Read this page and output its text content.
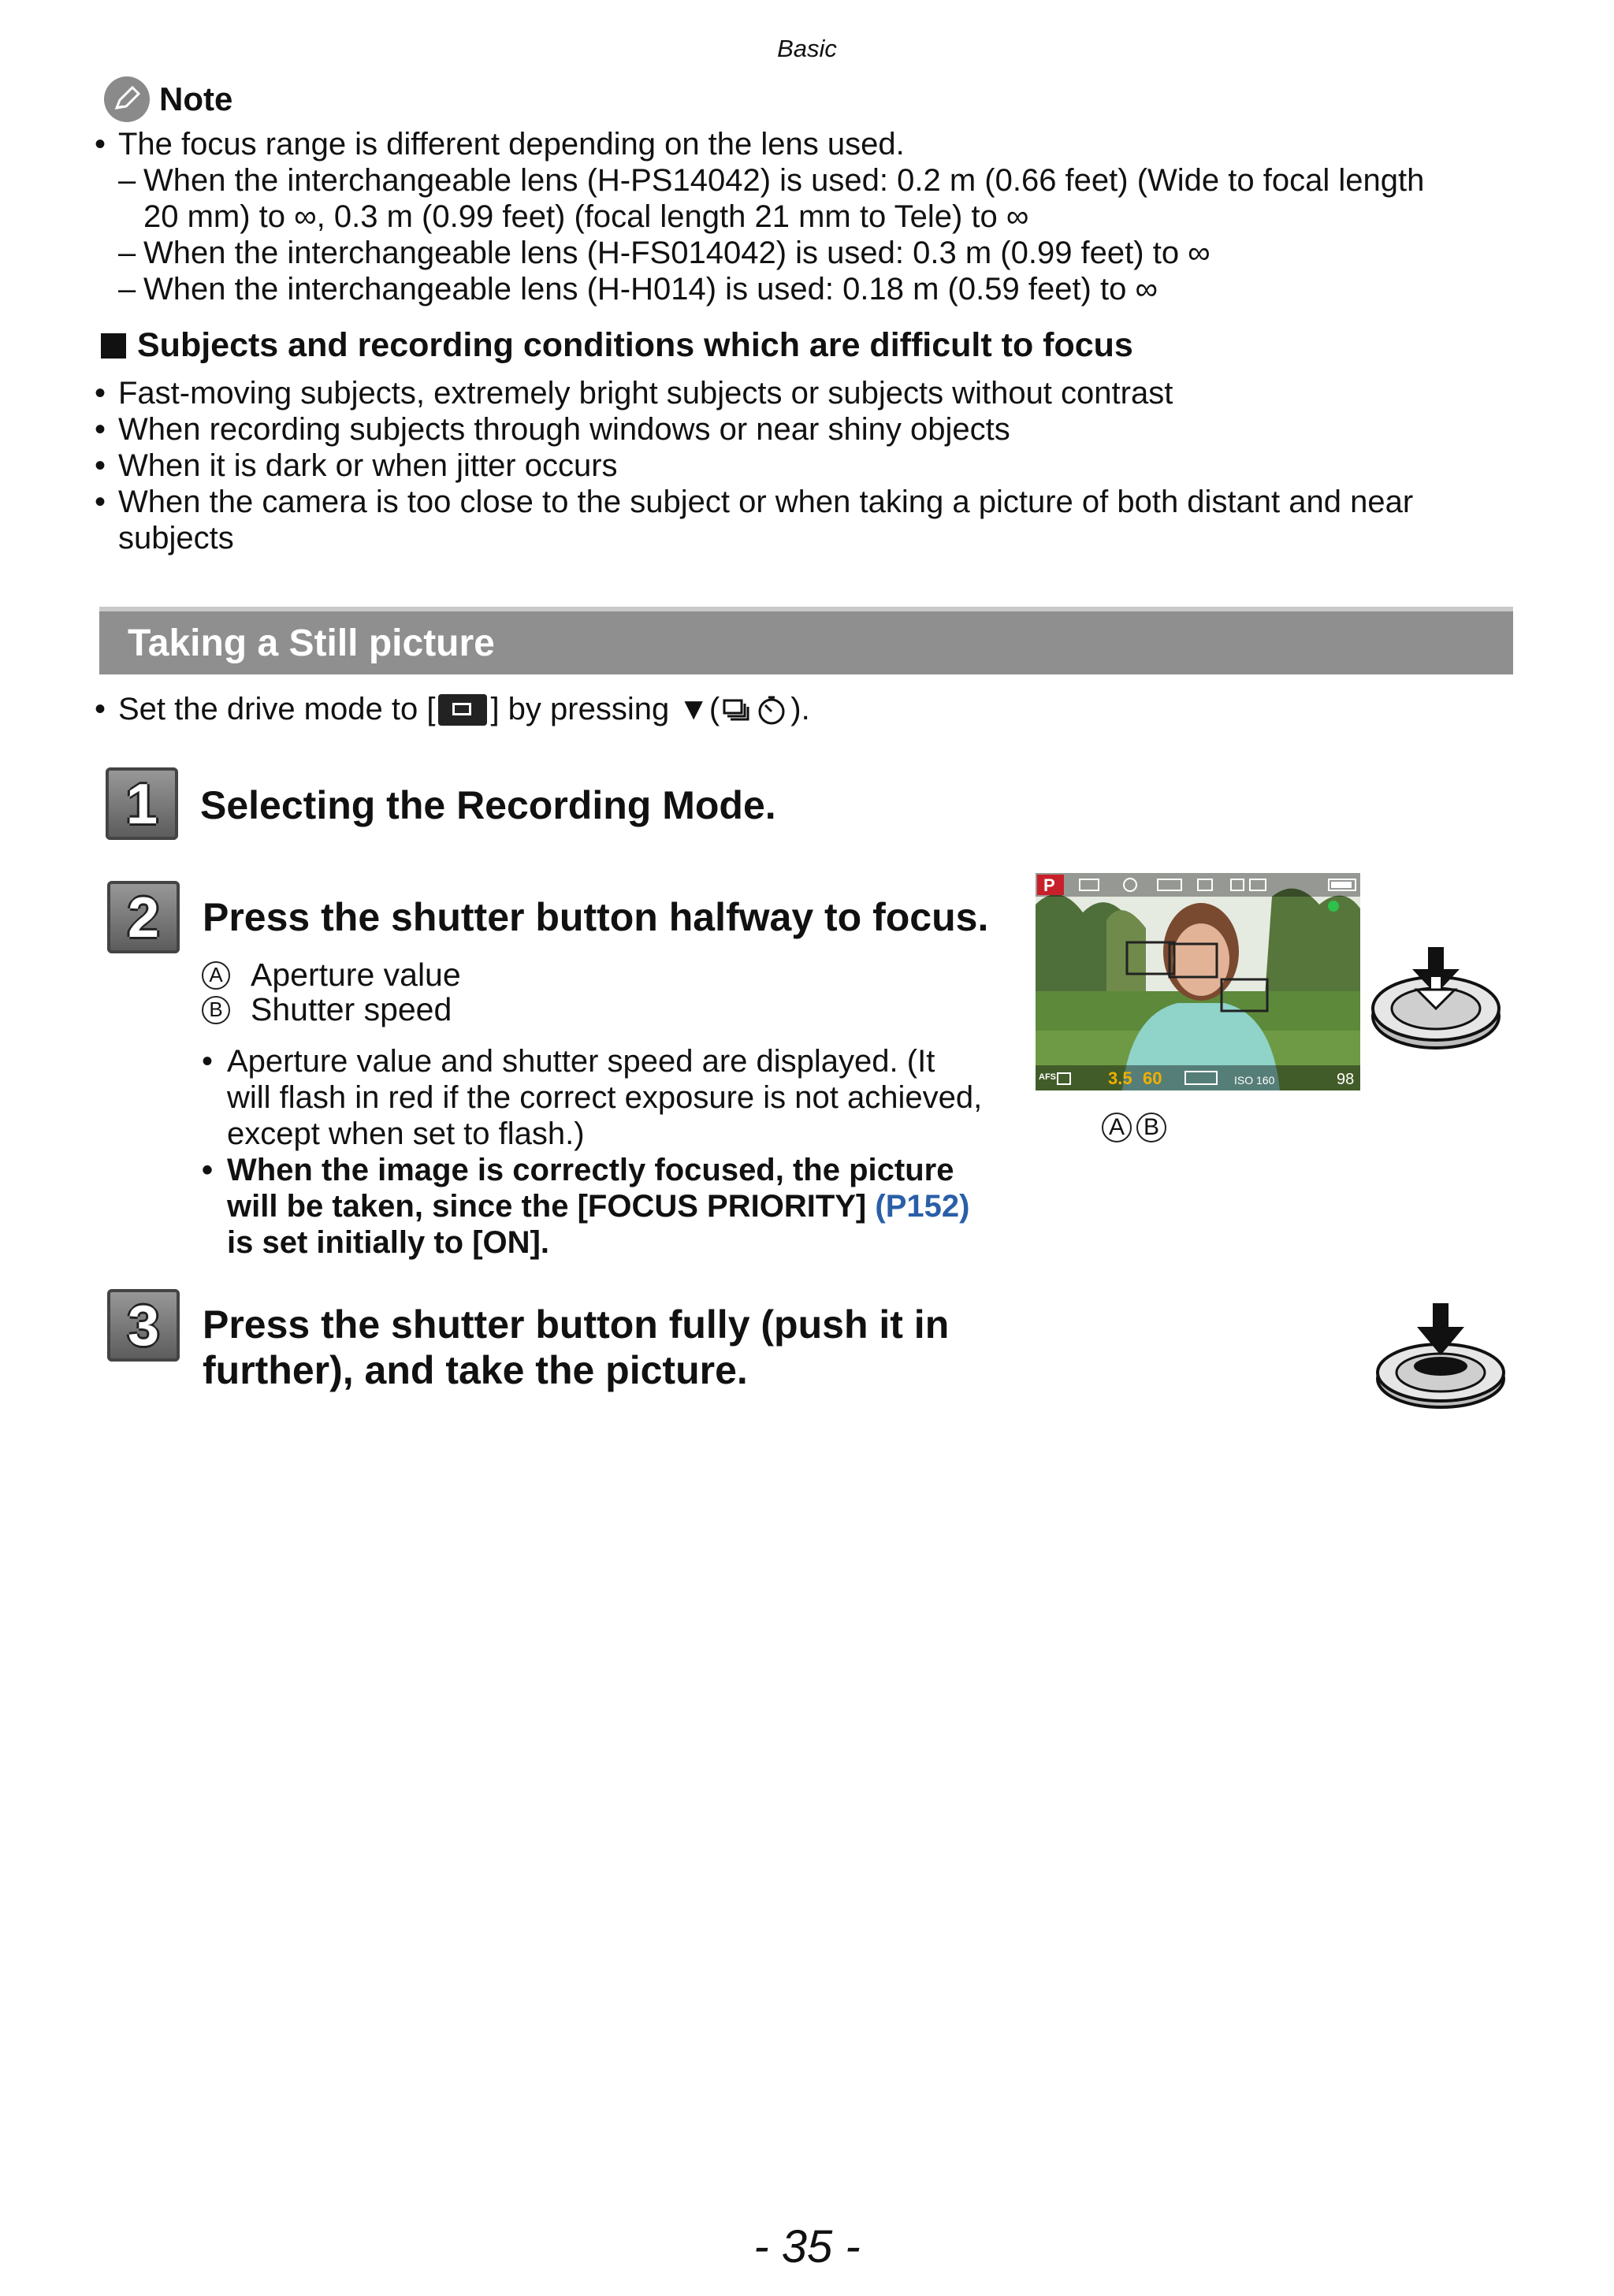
Basic
Note
• The focus range is different depending on the lens used.
– When the interchangeable lens (H-PS14042) is used: 0.2 m (0.66 feet) (Wide to focal length
20 mm) to ∞, 0.3 m (0.99 feet) (focal length 21 mm to Tele) to ∞
– When the interchangeable lens (H-FS014042) is used: 0.3 m (0.99 feet) to ∞
– When the interchangeable lens (H-H014) is used: 0.18 m (0.59 feet) to ∞
Subjects and recording conditions which are difficult to focus
• Fast-moving subjects, extremely bright subjects or subjects without contrast
• When recording subjects through windows or near shiny objects
• When it is dark or when jitter occurs
• When the camera is too close to the subject or when taking a picture of both distant and near
subjects
Taking a Still picture
• Set the drive mode to [ ] by pressing ▼( ).
1	Selecting the Recording Mode.
2	Press the shutter button halfway to focus.
A Aperture value
B Shutter speed
• Aperture value and shutter speed are displayed. (It
will flash in red if the correct exposure is not achieved,
except when set to flash.)
• When the image is correctly focused, the picture
will be taken, since the [FOCUS PRIORITY] (P152)
is set initially to [ON].
P
AFS	3.5 60	ISO 160	98
A B
3	Press the shutter button fully (push it in
further), and take the picture.
- 35 -
